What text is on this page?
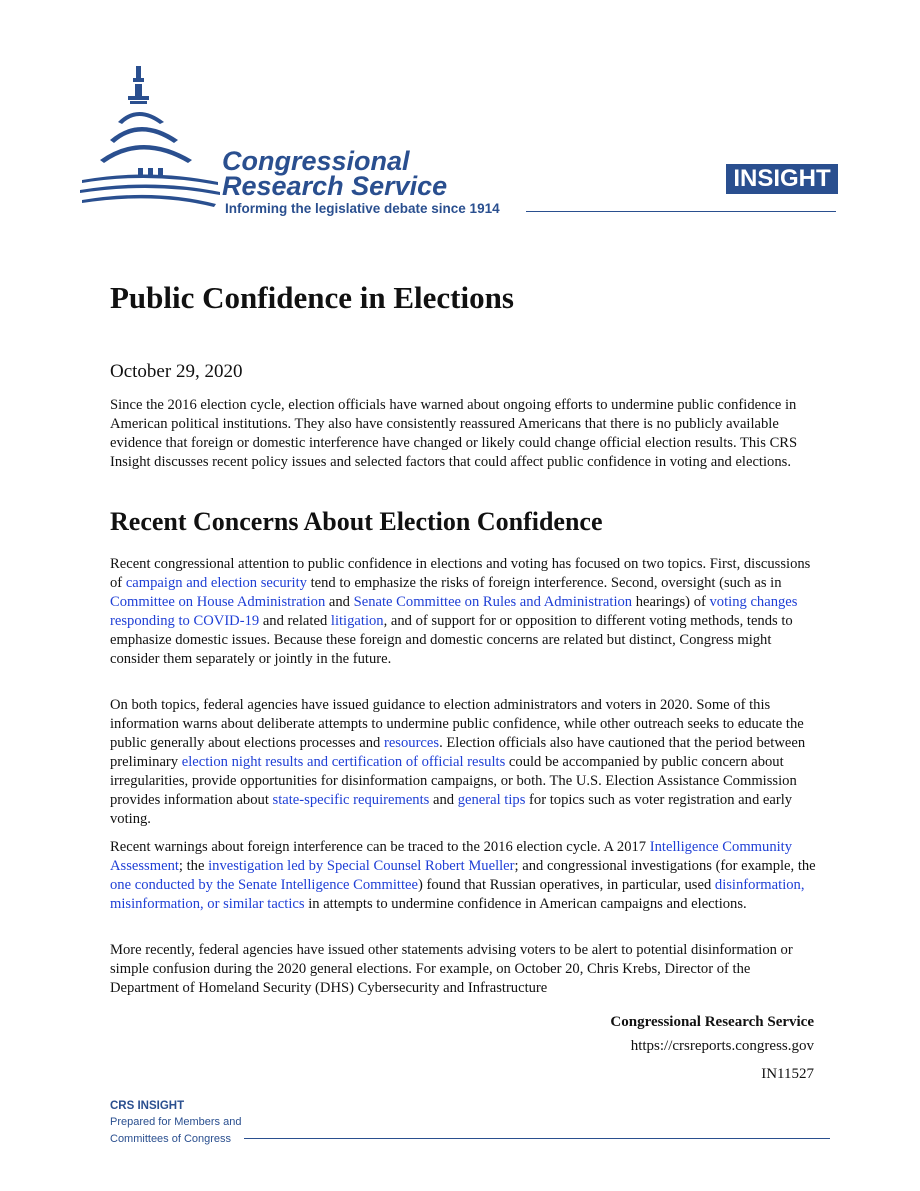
Congressional
Research Service
Informing the legislative debate since 1914
INSIGHT
Public Confidence in Elections
October 29, 2020

Since the 2016 election cycle, election officials have warned about ongoing efforts to undermine public confidence in American political institutions. They also have consistently reassured Americans that there is no publicly available evidence that foreign or domestic interference have changed or likely could change official election results. This CRS Insight discusses recent policy issues and selected factors that could affect public confidence in voting and elections.

Recent Concerns About Election Confidence

Recent congressional attention to public confidence in elections and voting has focused on two topics. First, discussions of campaign and election security tend to emphasize the risks of foreign interference. Second, oversight (such as in Committee on House Administration and Senate Committee on Rules and Administration hearings) of voting changes responding to COVID-19 and related litigation, and of support for or opposition to different voting methods, tends to emphasize domestic issues. Because these foreign and domestic concerns are related but distinct, Congress might consider them separately or jointly in the future.

On both topics, federal agencies have issued guidance to election administrators and voters in 2020. Some of this information warns about deliberate attempts to undermine public confidence, while other outreach seeks to educate the public generally about elections processes and resources. Election officials also have cautioned that the period between preliminary election night results and certification of official results could be accompanied by public concern about irregularities, provide opportunities for disinformation campaigns, or both. The U.S. Election Assistance Commission provides information about state-specific requirements and general tips for topics such as voter registration and early voting.

Recent warnings about foreign interference can be traced to the 2016 election cycle. A 2017 Intelligence Community Assessment; the investigation led by Special Counsel Robert Mueller; and congressional investigations (for example, the one conducted by the Senate Intelligence Committee) found that Russian operatives, in particular, used disinformation, misinformation, or similar tactics in attempts to undermine confidence in American campaigns and elections.

More recently, federal agencies have issued other statements advising voters to be alert to potential disinformation or simple confusion during the 2020 general elections. For example, on October 20, Chris Krebs, Director of the Department of Homeland Security (DHS) Cybersecurity and Infrastructure

Congressional Research Service
https://crsreports.congress.gov
IN11527
CRS INSIGHT
Prepared for Members and
Committees of Congress
